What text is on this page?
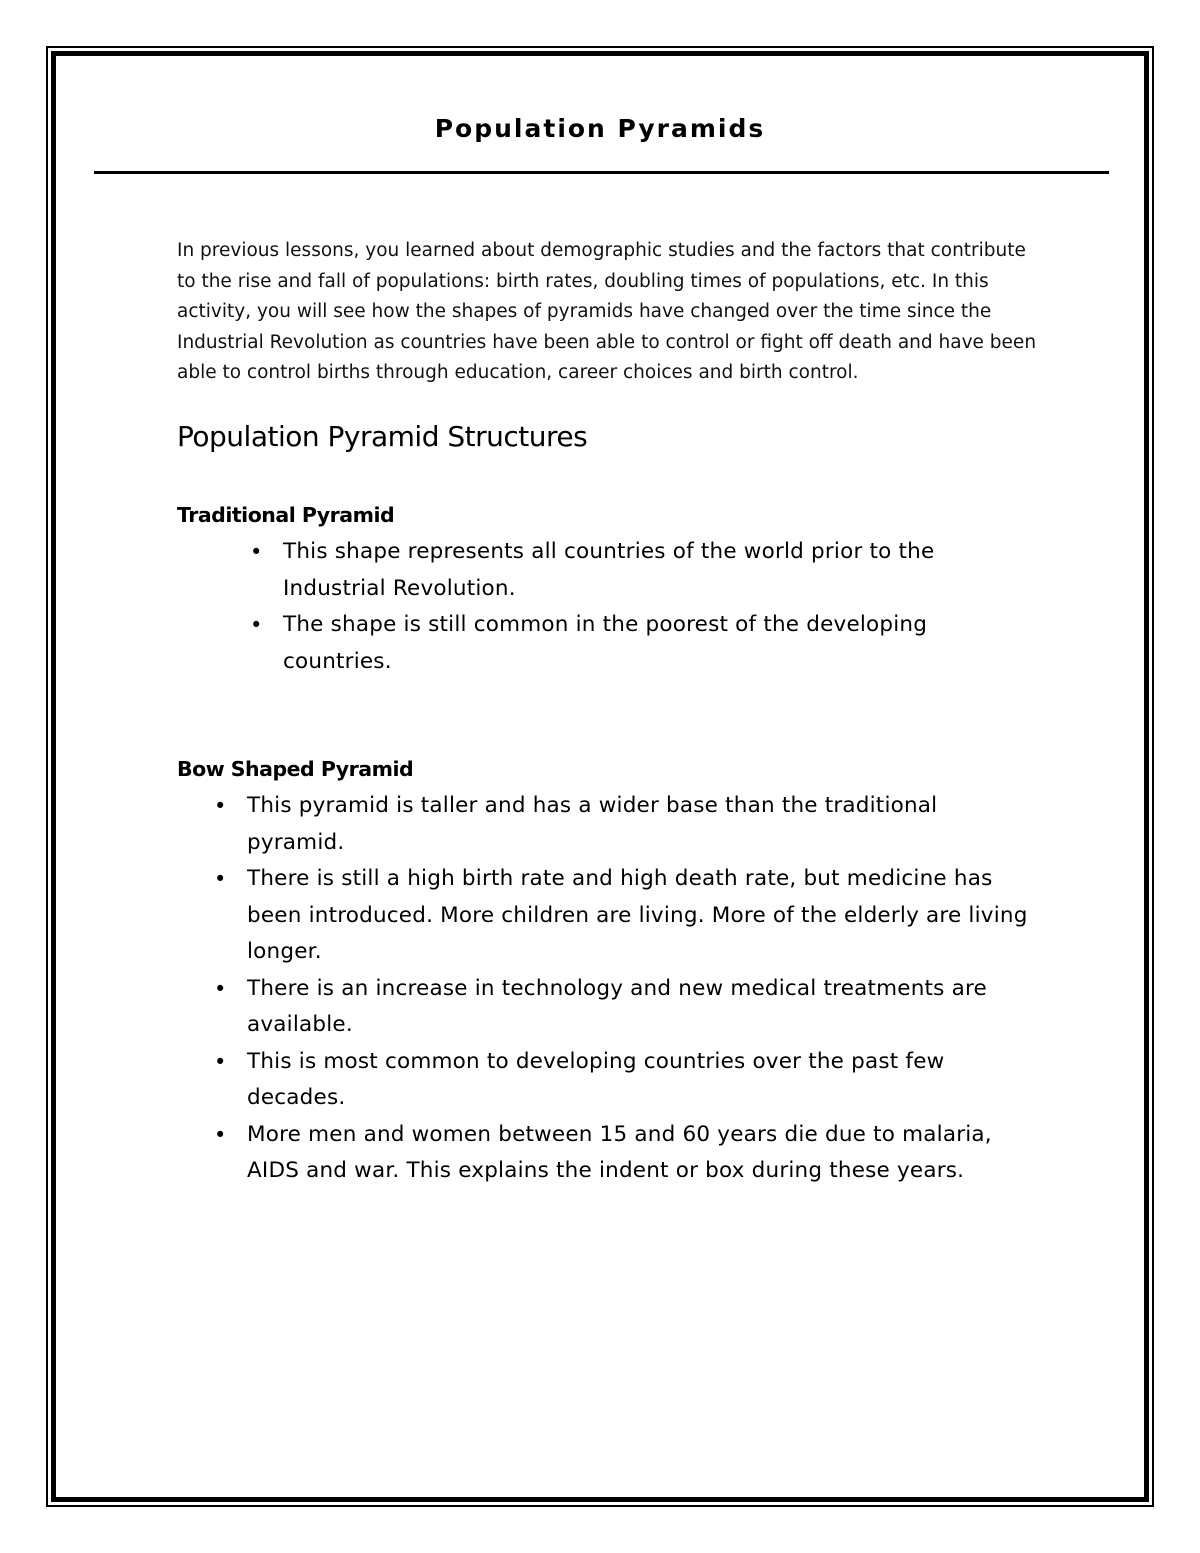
Population Pyramids

In previous lessons, you learned about demographic studies and the factors that contribute to the rise and fall of populations: birth rates, doubling times of populations, etc. In this activity, you will see how the shapes of pyramids have changed over the time since the Industrial Revolution as countries have been able to control or fight off death and have been able to control births through education, career choices and birth control.

Population Pyramid Structures
Traditional Pyramid
• This shape represents all countries of the world prior to the Industrial Revolution.
• The shape is still common in the poorest of the developing countries.
Bow Shaped Pyramid
• This pyramid is taller and has a wider base than the traditional pyramid.
• There is still a high birth rate and high death rate, but medicine has been introduced. More children are living. More of the elderly are living longer.
• There is an increase in technology and new medical treatments are available.
• This is most common to developing countries over the past few decades.
• More men and women between 15 and 60 years die due to malaria, AIDS and war. This explains the indent or box during these years.
